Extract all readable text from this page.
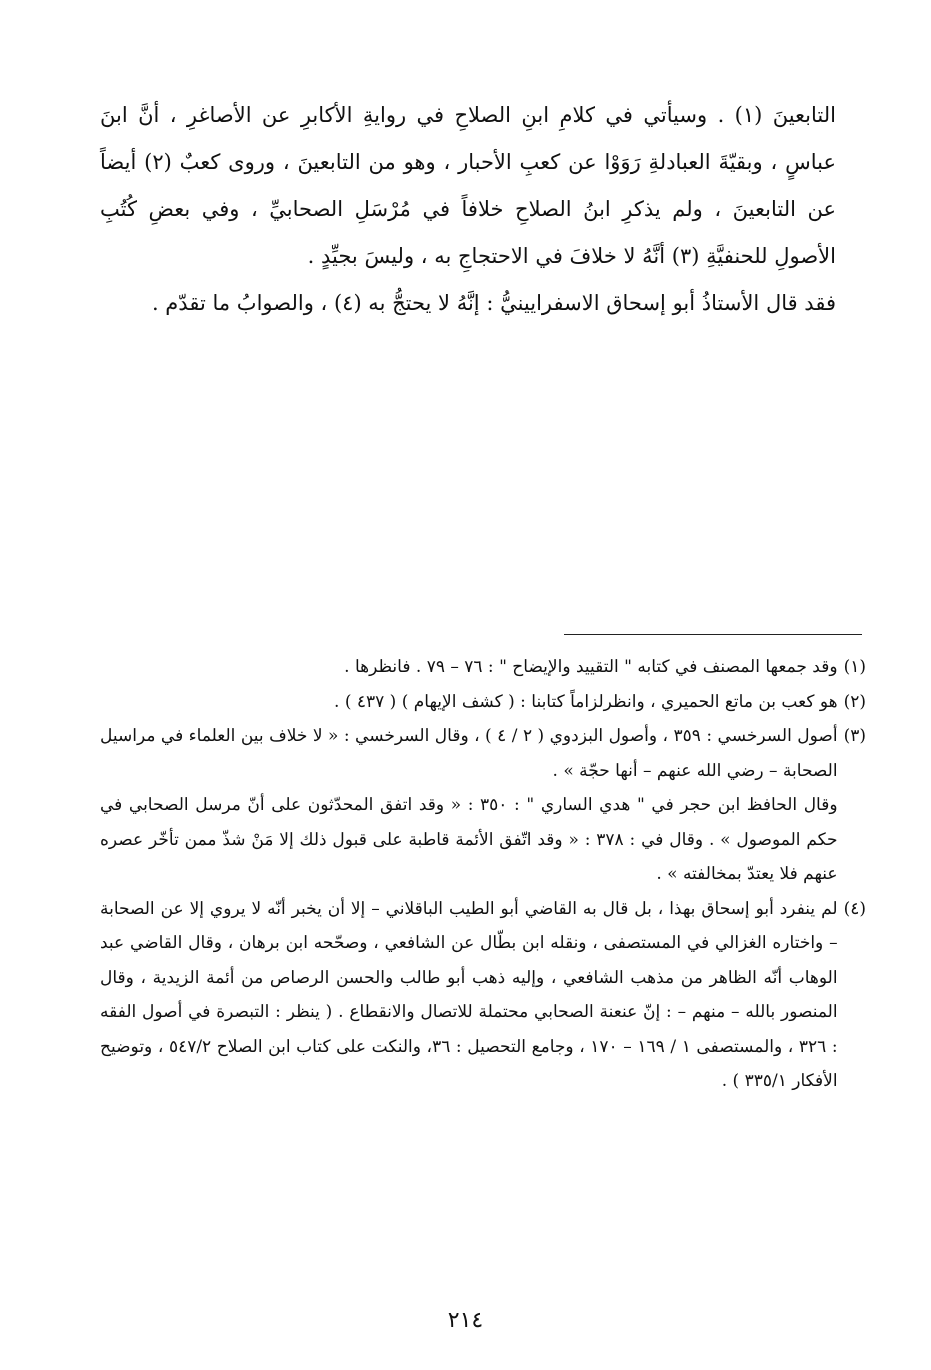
التابعينَ (١) . وسيأتي في كلامِ ابنِ الصلاحِ في روايةِ الأكابرِ عن الأصاغرِ ، أنَّ ابنَ عباسٍ ، وبقيّةَ العبادلةِ رَوَوْا عن كعبِ الأحبار ، وهو من التابعينَ ، وروى كعبٌ (٢) أيضاً عن التابعينَ ، ولم يذكرِ ابنُ الصلاحِ خلافاً في مُرْسَلِ الصحابيِّ ، وفي بعضِ كُتُبِ الأصولِ للحنفيَّةِ (٣) أنَّهُ لا خلافَ في الاحتجاجِ به ، وليسَ بجيِّدٍ .

فقد قال الأستاذُ أبو إسحاق الاسفرايينيُّ : إنَّهُ لا يحتجُّ به (٤) ، والصوابُ ما تقدّم .

(١)

وقد جمعها المصنف في كتابه " التقييد والإيضاح " : ٧٦ – ٧٩ . فانظرها .

(٢)

هو كعب بن ماتع الحميري ، وانظرلزاماً كتابنا : ( كشف الإيهام ) ( ٤٣٧ ) .

(٣)

أصول السرخسي : ٣٥٩ ، وأصول البزدوي ( ٢ / ٤ ) ، وقال السرخسي : « لا خلاف بين العلماء في مراسيل الصحابة – رضي الله عنهم – أنها حجّة » .

وقال الحافظ ابن حجر في " هدي الساري " : ٣٥٠ : « وقد اتفق المحدّثون على أنّ مرسل الصحابي في حكم الموصول » . وقال في : ٣٧٨ : « وقد اتّفق الأئمة قاطبة على قبول ذلك إلا مَنْ شذّ ممن تأخّر عصره عنهم فلا يعتدّ بمخالفته » .

(٤)

لم ينفرد أبو إسحاق بهذا ، بل قال به القاضي أبو الطيب الباقلاني – إلا أن يخبر أنّه لا يروي إلا عن الصحابة – واختاره الغزالي في المستصفى ، ونقله ابن بطّال عن الشافعي ، وصحّحه ابن برهان ، وقال القاضي عبد الوهاب أنّه الظاهر من مذهب الشافعي ، وإليه ذهب أبو طالب والحسن الرصاص من أئمة الزيدية ، وقال المنصور بالله – منهم – : إنّ عنعنة الصحابي محتملة للاتصال والانقطاع . ( ينظر : التبصرة في أصول الفقه : ٣٢٦ ، والمستصفى ١ / ١٦٩ – ١٧٠ ، وجامع التحصيل : ٣٦، والنكت على كتاب ابن الصلاح ٥٤٧/٢ ، وتوضيح الأفكار ٣٣٥/١ ) .

٢١٤
